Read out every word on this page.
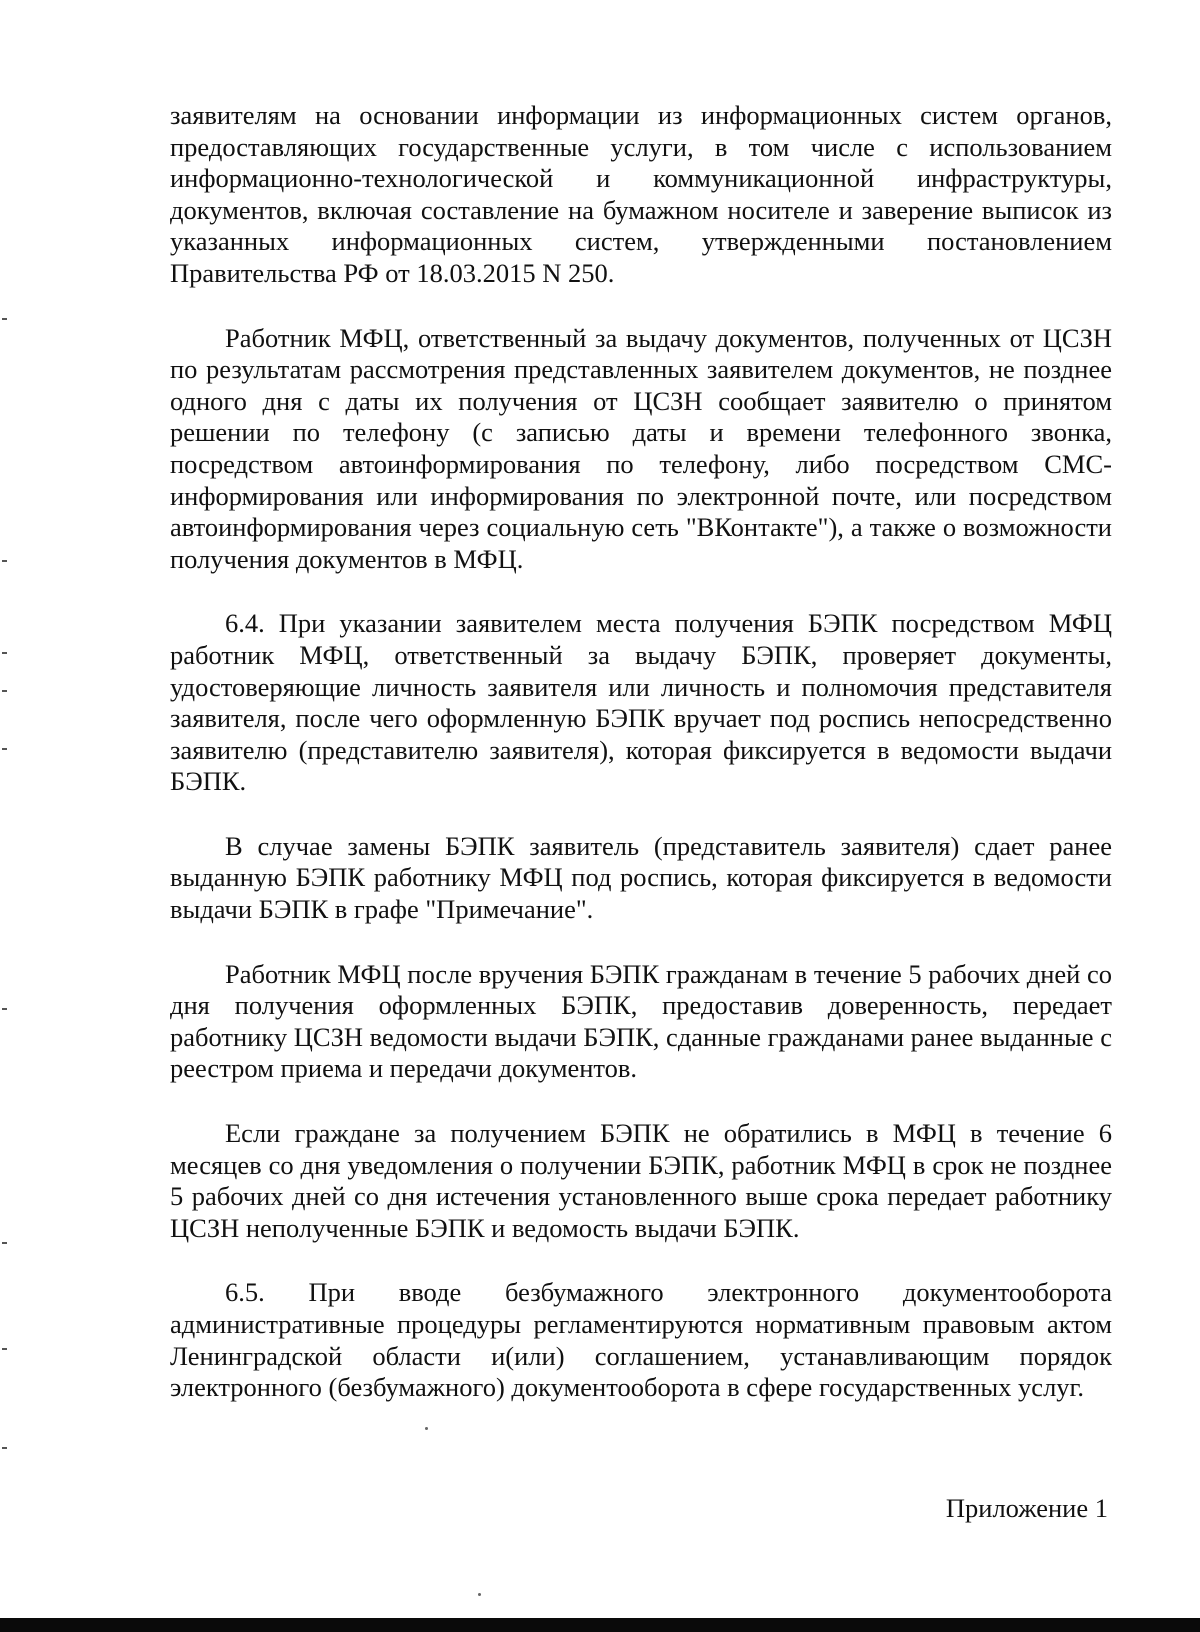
заявителям на основании информации из информационных систем органов, предоставляющих государственные услуги, в том числе с использованием информационно-технологической и коммуникационной инфраструктуры, документов, включая составление на бумажном носителе и заверение выписок из указанных информационных систем, утвержденными постановлением Правительства РФ от 18.03.2015 N 250.

Работник МФЦ, ответственный за выдачу документов, полученных от ЦСЗН по результатам рассмотрения представленных заявителем документов, не позднее одного дня с даты их получения от ЦСЗН сообщает заявителю о принятом решении по телефону (с записью даты и времени телефонного звонка, посредством автоинформирования по телефону, либо посредством СМС-информирования или информирования по электронной почте, или посредством автоинформирования через социальную сеть "ВКонтакте"), а также о возможности получения документов в МФЦ.

6.4. При указании заявителем места получения БЭПК посредством МФЦ работник МФЦ, ответственный за выдачу БЭПК, проверяет документы, удостоверяющие личность заявителя или личность и полномочия представителя заявителя, после чего оформленную БЭПК вручает под роспись непосредственно заявителю (представителю заявителя), которая фиксируется в ведомости выдачи БЭПК.

В случае замены БЭПК заявитель (представитель заявителя) сдает ранее выданную БЭПК работнику МФЦ под роспись, которая фиксируется в ведомости выдачи БЭПК в графе "Примечание".

Работник МФЦ после вручения БЭПК гражданам в течение 5 рабочих дней со дня получения оформленных БЭПК, предоставив доверенность, передает работнику ЦСЗН ведомости выдачи БЭПК, сданные гражданами ранее выданные с реестром приема и передачи документов.

Если граждане за получением БЭПК не обратились в МФЦ в течение 6 месяцев со дня уведомления о получении БЭПК, работник МФЦ в срок не позднее 5 рабочих дней со дня истечения установленного выше срока передает работнику ЦСЗН неполученные БЭПК и ведомость выдачи БЭПК.

6.5. При вводе безбумажного электронного документооборота административные процедуры регламентируются нормативным правовым актом Ленинградской области и(или) соглашением, устанавливающим порядок электронного (безбумажного) документооборота в сфере государственных услуг.

Приложение 1
